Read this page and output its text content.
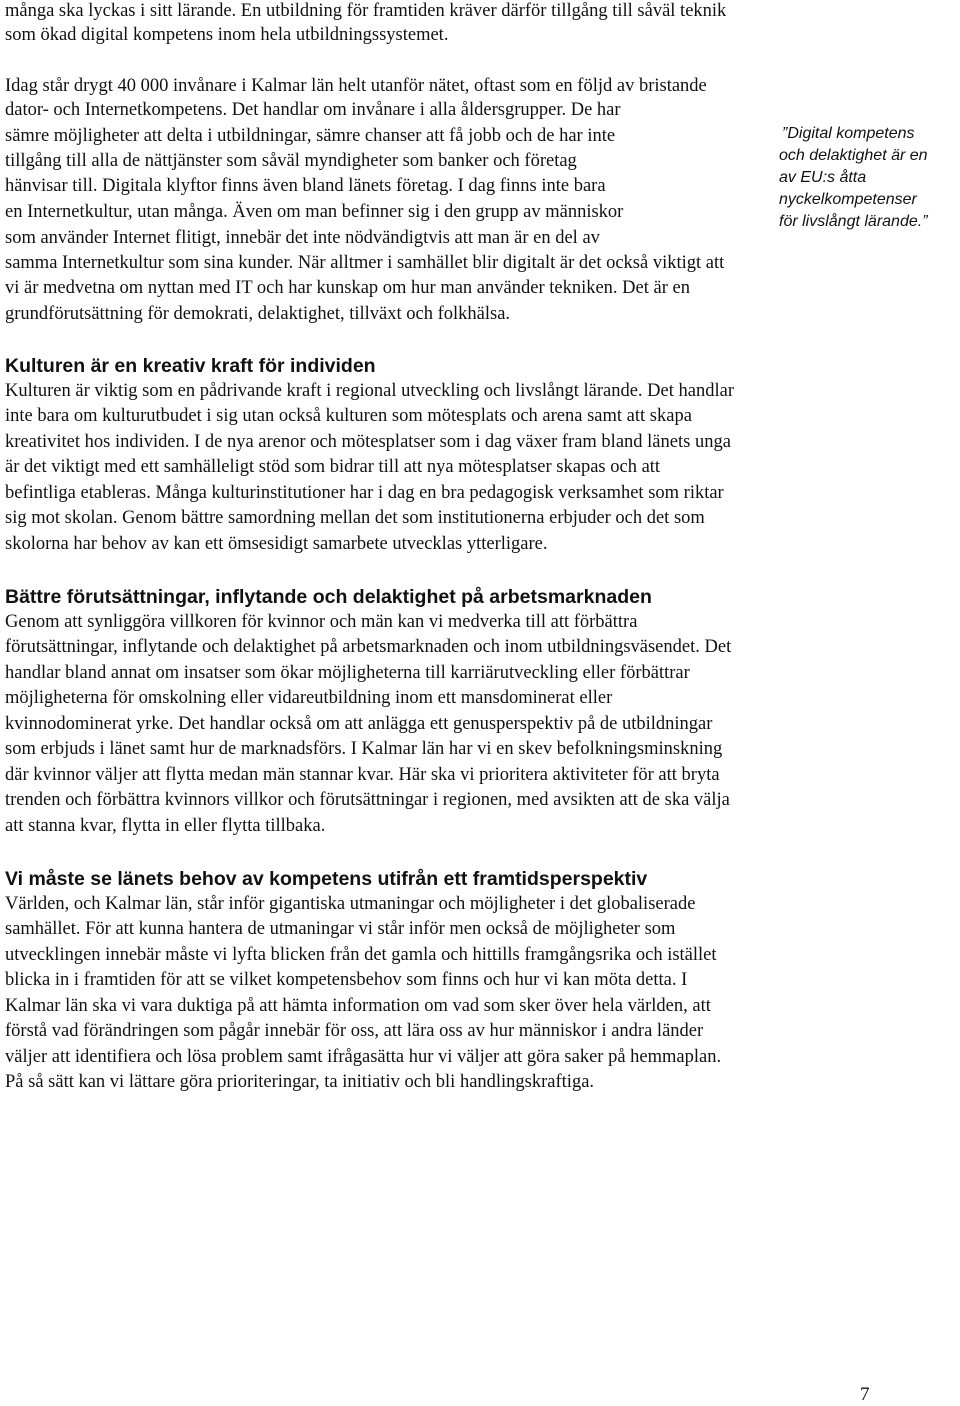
många ska lyckas i sitt lärande. En utbildning för framtiden kräver därför tillgång till såväl teknik

som ökad digital kompetens inom hela utbildningssystemet.

Idag står drygt 40 000 invånare i Kalmar län helt utanför nätet, oftast som en följd av bristande

dator- och Internetkompetens. Det handlar om invånare i alla åldersgrupper. De har

sämre möjligheter att delta i utbildningar, sämre chanser att få jobb och de har inte

tillgång till alla de nättjänster som såväl myndigheter som banker och företag

hänvisar till. Digitala klyftor finns även bland länets företag. I dag finns inte bara

en Internetkultur, utan många. Även om man befinner sig i den grupp av människor

som använder Internet flitigt, innebär det inte nödvändigtvis att man är en del av

samma Internetkultur som sina kunder. När alltmer i samhället blir digitalt är det också viktigt att

vi är medvetna om nyttan med IT och har kunskap om hur man använder tekniken. Det är en

grundförutsättning för demokrati, delaktighet, tillväxt och folkhälsa.

”Digital kompetens

och delaktighet är en

av EU:s åtta

nyckelkompetenser

för livslångt lärande.”

Kulturen är en kreativ kraft för individen

Kulturen är viktig som en pådrivande kraft i regional utveckling och livslångt lärande. Det handlar

inte bara om kulturutbudet i sig utan också kulturen som mötesplats och arena samt att skapa

kreativitet hos individen. I de nya arenor och mötesplatser som i dag växer fram bland länets unga

är det viktigt med ett samhälleligt stöd som bidrar till att nya mötesplatser skapas och att

befintliga etableras. Många kulturinstitutioner har i dag en bra pedagogisk verksamhet som riktar

sig mot skolan. Genom bättre samordning mellan det som institutionerna erbjuder och det som

skolorna har behov av kan ett ömsesidigt samarbete utvecklas ytterligare.

Bättre förutsättningar, inflytande och delaktighet på arbetsmarknaden

Genom att synliggöra villkoren för kvinnor och män kan vi medverka till att förbättra

förutsättningar, inflytande och delaktighet på arbetsmarknaden och inom utbildningsväsendet. Det

handlar bland annat om insatser som ökar möjligheterna till karriärutveckling eller förbättrar

möjligheterna för omskolning eller vidareutbildning inom ett mansdominerat eller

kvinnodominerat yrke. Det handlar också om att anlägga ett genusperspektiv på de utbildningar

som erbjuds i länet samt hur de marknadsförs. I Kalmar län har vi en skev befolkningsminskning

där kvinnor väljer att flytta medan män stannar kvar. Här ska vi prioritera aktiviteter för att bryta

trenden och förbättra kvinnors villkor och förutsättningar i regionen, med avsikten att de ska välja

att stanna kvar, flytta in eller flytta tillbaka.

Vi måste se länets behov av kompetens utifrån ett framtidsperspektiv

Världen, och Kalmar län, står inför gigantiska utmaningar och möjligheter i det globaliserade

samhället. För att kunna hantera de utmaningar vi står inför men också de möjligheter som

utvecklingen innebär måste vi lyfta blicken från det gamla och hittills framgångsrika och istället

blicka in i framtiden för att se vilket kompetensbehov som finns och hur vi kan möta detta. I

Kalmar län ska vi vara duktiga på att hämta information om vad som sker över hela världen, att

förstå vad förändringen som pågår innebär för oss, att lära oss av hur människor i andra länder

väljer att identifiera och lösa problem samt ifrågasätta hur vi väljer att göra saker på hemmaplan.

På så sätt kan vi lättare göra prioriteringar, ta initiativ och bli handlingskraftiga.

7
